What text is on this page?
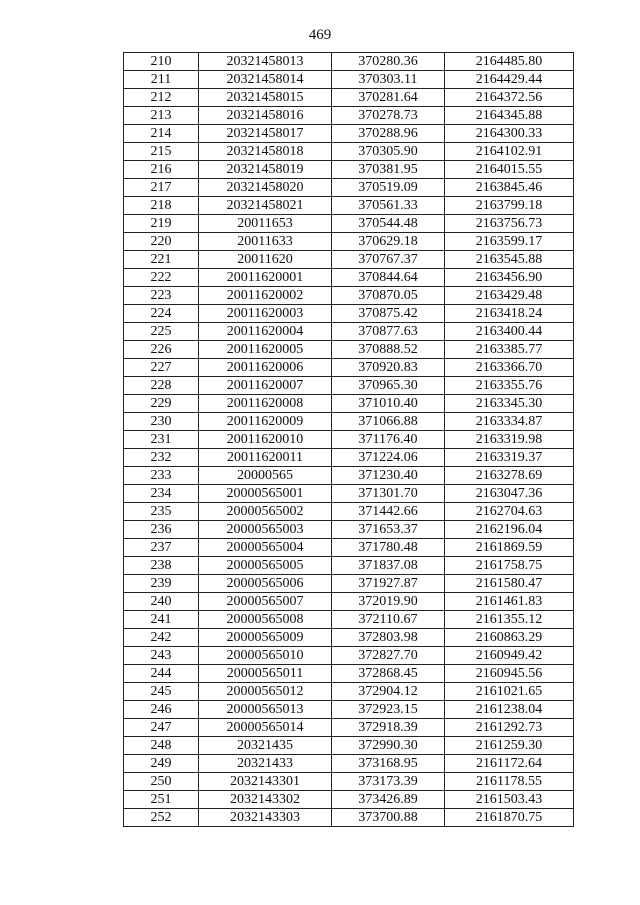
469
210	20321458013	370280.36	2164485.80
211	20321458014	370303.11	2164429.44
212	20321458015	370281.64	2164372.56
213	20321458016	370278.73	2164345.88
214	20321458017	370288.96	2164300.33
215	20321458018	370305.90	2164102.91
216	20321458019	370381.95	2164015.55
217	20321458020	370519.09	2163845.46
218	20321458021	370561.33	2163799.18
219	20011653	370544.48	2163756.73
220	20011633	370629.18	2163599.17
221	20011620	370767.37	2163545.88
222	20011620001	370844.64	2163456.90
223	20011620002	370870.05	2163429.48
224	20011620003	370875.42	2163418.24
225	20011620004	370877.63	2163400.44
226	20011620005	370888.52	2163385.77
227	20011620006	370920.83	2163366.70
228	20011620007	370965.30	2163355.76
229	20011620008	371010.40	2163345.30
230	20011620009	371066.88	2163334.87
231	20011620010	371176.40	2163319.98
232	20011620011	371224.06	2163319.37
233	20000565	371230.40	2163278.69
234	20000565001	371301.70	2163047.36
235	20000565002	371442.66	2162704.63
236	20000565003	371653.37	2162196.04
237	20000565004	371780.48	2161869.59
238	20000565005	371837.08	2161758.75
239	20000565006	371927.87	2161580.47
240	20000565007	372019.90	2161461.83
241	20000565008	372110.67	2161355.12
242	20000565009	372803.98	2160863.29
243	20000565010	372827.70	2160949.42
244	20000565011	372868.45	2160945.56
245	20000565012	372904.12	2161021.65
246	20000565013	372923.15	2161238.04
247	20000565014	372918.39	2161292.73
248	20321435	372990.30	2161259.30
249	20321433	373168.95	2161172.64
250	2032143301	373173.39	2161178.55
251	2032143302	373426.89	2161503.43
252	2032143303	373700.88	2161870.75
